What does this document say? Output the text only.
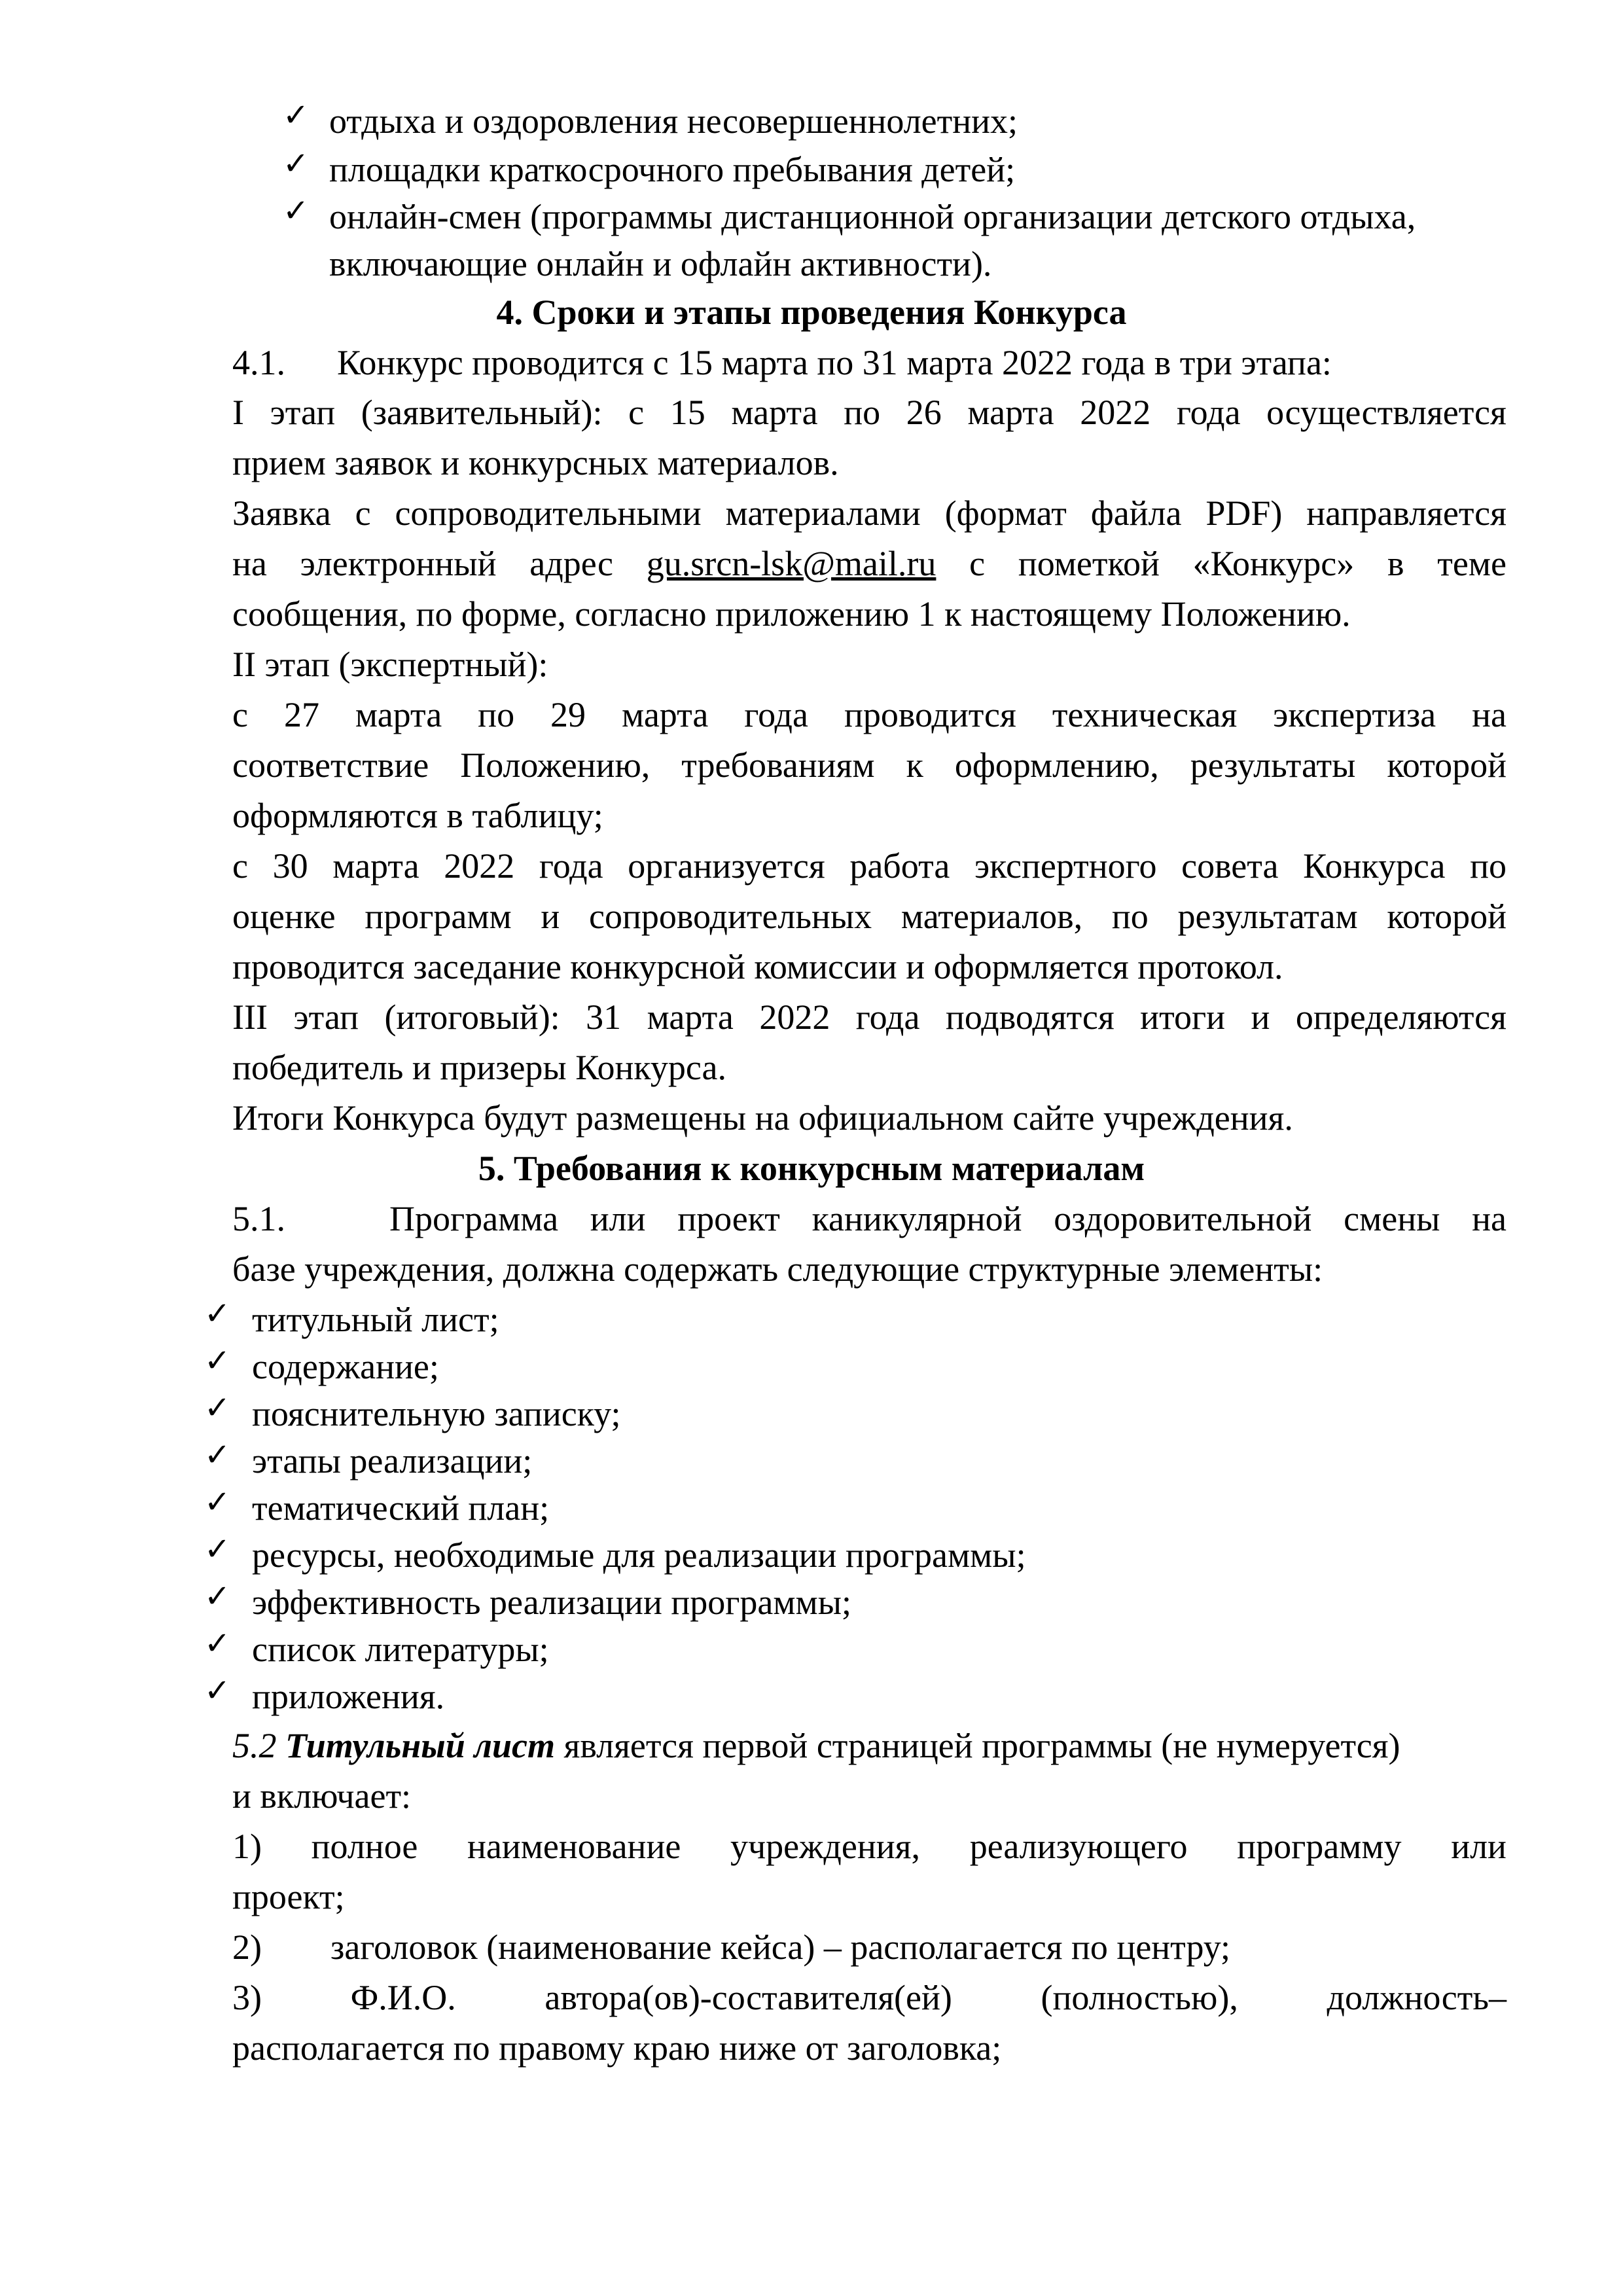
✓ отдыха и оздоровления несовершеннолетних;
✓ площадки краткосрочного пребывания детей;
✓ онлайн-смен (программы дистанционной организации детского отдыха,
включающие онлайн и офлайн активности).
4. Сроки и этапы проведения Конкурса
4.1. Конкурс проводится с 15 марта по 31 марта 2022 года в три этапа:
I этап (заявительный): с 15 марта по 26 марта 2022 года осуществляется
прием заявок и конкурсных материалов.
Заявка с сопроводительными материалами (формат файла PDF) направляется
на электронный адрес gu.srcn-lsk@mail.ru с пометкой «Конкурс» в теме
сообщения, по форме, согласно приложению 1 к настоящему Положению.
II этап (экспертный):
с 27 марта по 29 марта года проводится техническая экспертиза на
соответствие Положению, требованиям к оформлению, результаты которой
оформляются в таблицу;
с 30 марта 2022 года организуется работа экспертного совета Конкурса по
оценке программ и сопроводительных материалов, по результатам которой
проводится заседание конкурсной комиссии и оформляется протокол.
III этап (итоговый): 31 марта 2022 года подводятся итоги и определяются
победитель и призеры Конкурса.
Итоги Конкурса будут размещены на официальном сайте учреждения.
5. Требования к конкурсным материалам
5.1.	Программа или проект каникулярной оздоровительной смены на
базе учреждения, должна содержать следующие структурные элементы:
✓ титульный лист;
✓ содержание;
✓ пояснительную записку;
✓ этапы реализации;
✓ тематический план;
✓ ресурсы, необходимые для реализации программы;
✓ эффективность реализации программы;
✓ список литературы;
✓ приложения.
5.2 Титульный лист является первой страницей программы (не нумеруется)
и включает:
1) полное наименование учреждения, реализующего программу или
проект;
2) заголовок (наименование кейса) – располагается по центру;
3)	Ф.И.О.	автора(ов)-составителя(ей)	(полностью),	должность–
располагается по правому краю ниже от заголовка;
